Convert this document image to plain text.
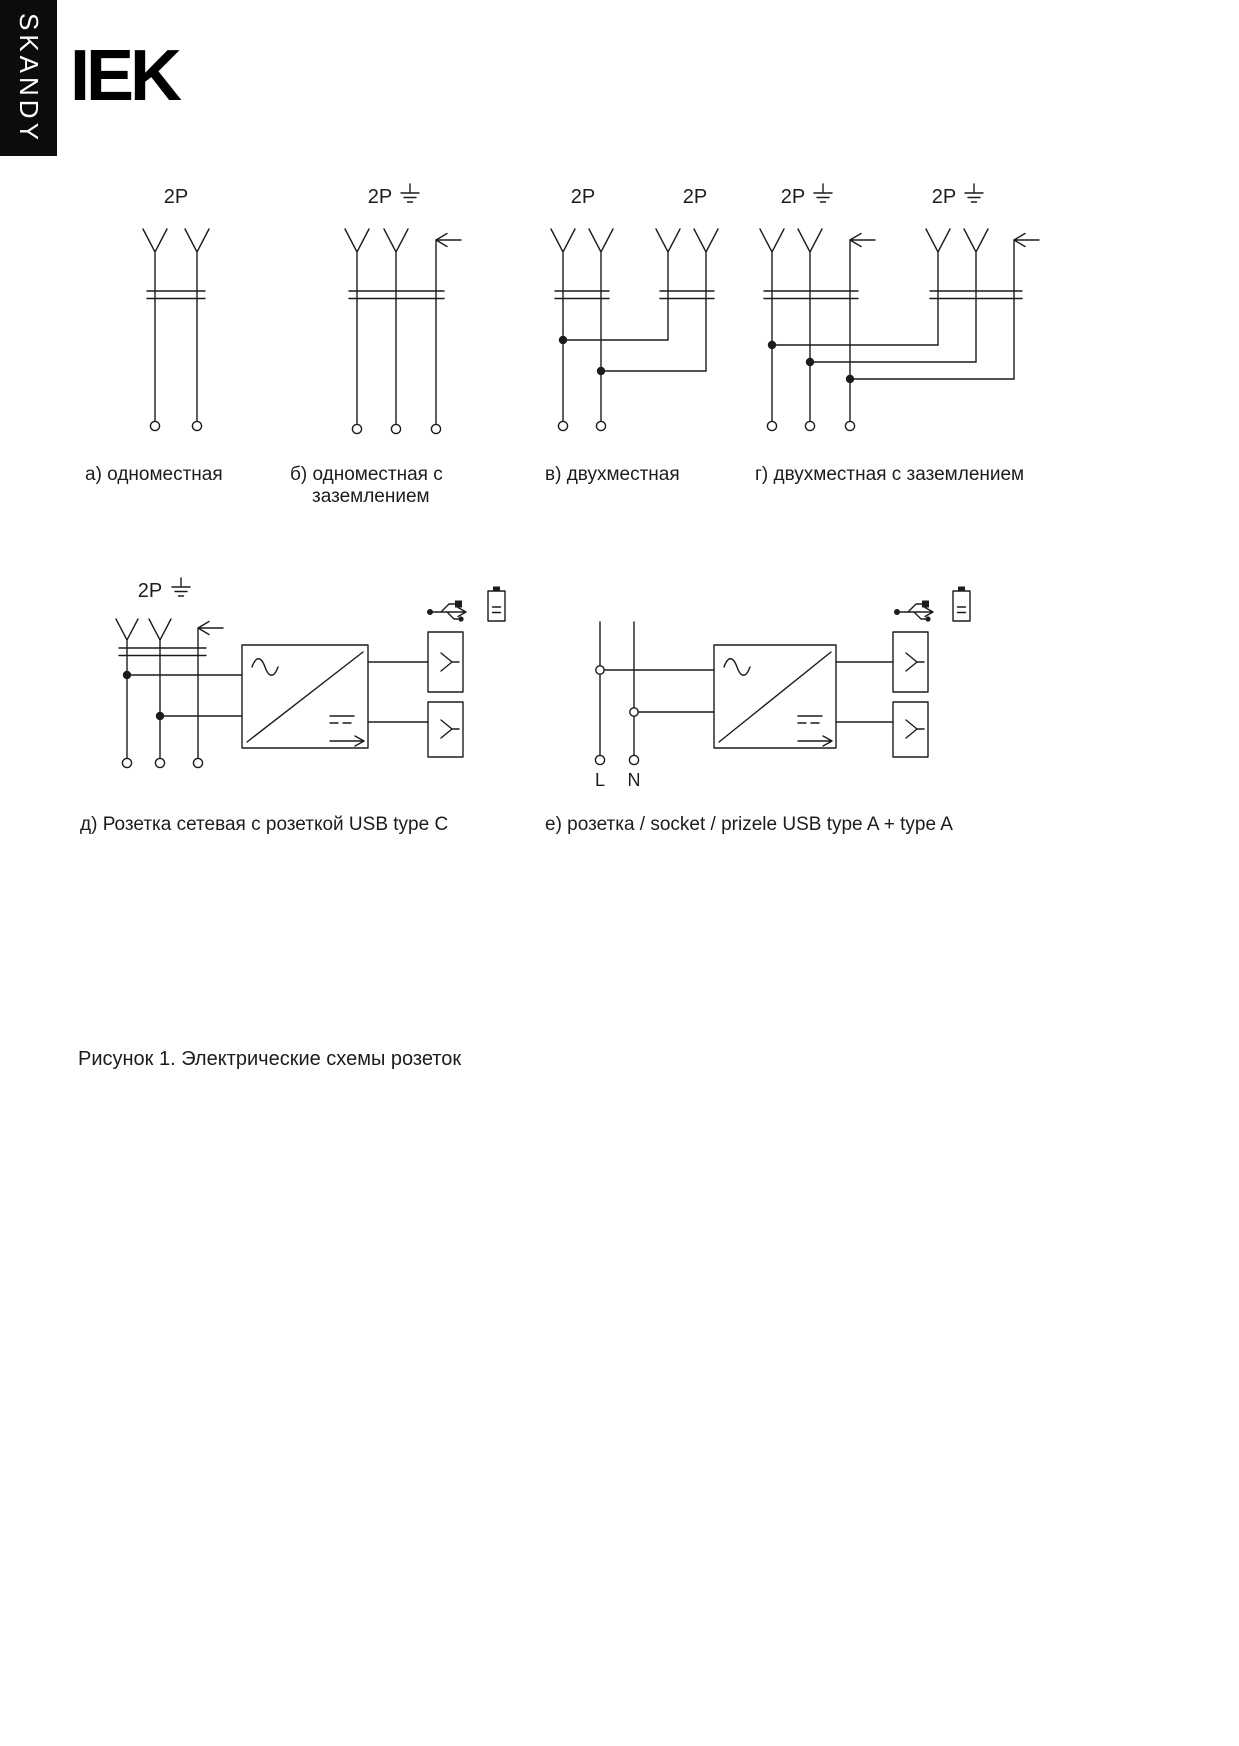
SKANDY IEK
2P	2P	2P	2P	2P	2P
2P
L N
а) одноместная	б) одноместная с
заземлением
в) двухместная	г) двухместная с заземлением
д) Розетка сетевая с розеткой USB type C	е) розетка / socket / prizele USB type A + type A
Рисунок 1. Электрические схемы розеток
